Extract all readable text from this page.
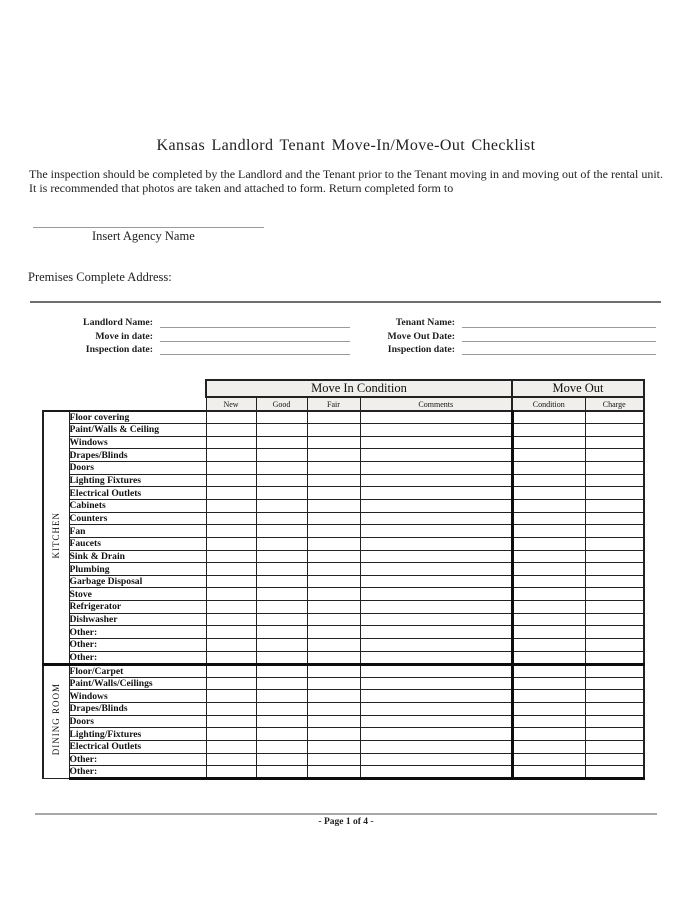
Kansas Landlord Tenant Move-In/Move-Out Checklist
The inspection should be completed by the Landlord and the Tenant prior to the Tenant moving in and moving out of the rental unit. It is recommended that photos are taken and attached to form. Return completed form to
Insert Agency Name
Premises Complete Address:
Landlord Name:
Move in date:
Inspection date:
Tenant Name:
Move Out Date:
Inspection date:
		Move In Condition				Move Out	
		New	Good	Fair	Comments	Condition	Charge
KITCHEN	Floor covering						
	Paint/Walls & Ceiling						
	Windows						
	Drapes/Blinds						
	Doors						
	Lighting Fixtures						
	Electrical Outlets						
	Cabinets						
	Counters						
	Fan						
	Faucets						
	Sink & Drain						
	Plumbing						
	Garbage Disposal						
	Stove						
	Refrigerator						
	Dishwasher						
	Other:						
	Other:						
	Other:						
DINING ROOM	Floor/Carpet						
	Paint/Walls/Ceilings						
	Windows						
	Drapes/Blinds						
	Doors						
	Lighting/Fixtures						
	Electrical Outlets						
	Other:						
	Other:						
- Page 1 of 4 -
